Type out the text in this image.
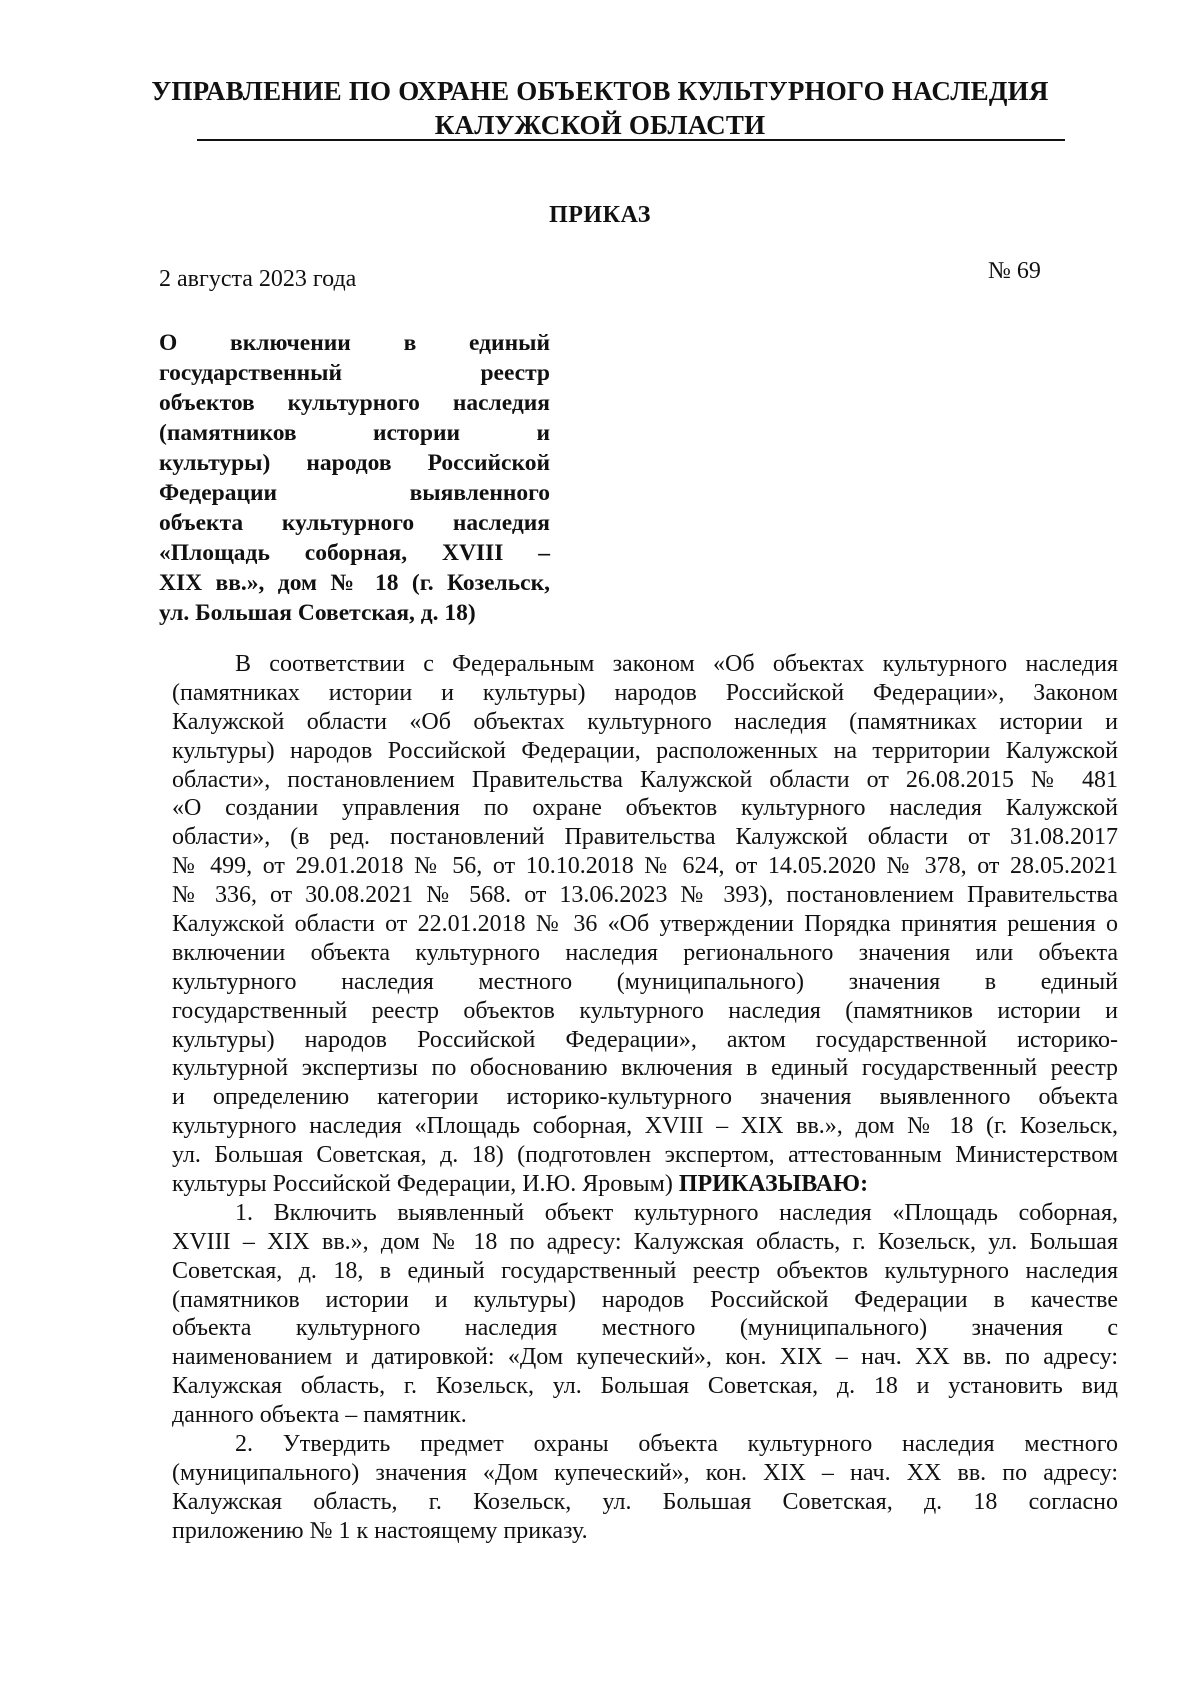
УПРАВЛЕНИЕ ПО ОХРАНЕ ОБЪЕКТОВ КУЛЬТУРНОГО НАСЛЕДИЯ
КАЛУЖСКОЙ ОБЛАСТИ
ПРИКАЗ
2 августа 2023 года	№ 69
О включении в единый
государственный реестр
объектов культурного наследия
(памятников истории и
культуры) народов Российской
Федерации выявленного
объекта культурного наследия
«Площадь соборная, XVIII –
XIX вв.», дом № 18 (г. Козельск,
ул. Большая Советская, д. 18)
В соответствии с Федеральным законом «Об объектах культурного наследия
(памятниках истории и культуры) народов Российской Федерации», Законом
Калужской области «Об объектах культурного наследия (памятниках истории и
культуры) народов Российской Федерации, расположенных на территории Калужской
области», постановлением Правительства Калужской области от 26.08.2015 № 481
«О создании управления по охране объектов культурного наследия Калужской
области», (в ред. постановлений Правительства Калужской области от 31.08.2017
№ 499, от 29.01.2018 № 56, от 10.10.2018 № 624, от 14.05.2020 № 378, от 28.05.2021
№ 336, от 30.08.2021 № 568. от 13.06.2023 № 393), постановлением Правительства
Калужской области от 22.01.2018 № 36 «Об утверждении Порядка принятия решения о
включении объекта культурного наследия регионального значения или объекта
культурного наследия местного (муниципального) значения в единый
государственный реестр объектов культурного наследия (памятников истории и
культуры) народов Российской Федерации», актом государственной историко-
культурной экспертизы по обоснованию включения в единый государственный реестр
и определению категории историко-культурного значения выявленного объекта
культурного наследия «Площадь соборная, XVIII – XIX вв.», дом № 18 (г. Козельск,
ул. Большая Советская, д. 18) (подготовлен экспертом, аттестованным Министерством
культуры Российской Федерации, И.Ю. Яровым) ПРИКАЗЫВАЮ:
1. Включить выявленный объект культурного наследия «Площадь соборная,
XVIII – XIX вв.», дом № 18 по адресу: Калужская область, г. Козельск, ул. Большая
Советская, д. 18, в единый государственный реестр объектов культурного наследия
(памятников истории и культуры) народов Российской Федерации в качестве
объекта культурного наследия местного (муниципального) значения с
наименованием и датировкой: «Дом купеческий», кон. XIX – нач. XX вв. по адресу:
Калужская область, г. Козельск, ул. Большая Советская, д. 18 и установить вид
данного объекта – памятник.
2. Утвердить предмет охраны объекта культурного наследия местного
(муниципального) значения «Дом купеческий», кон. XIX – нач. XX вв. по адресу:
Калужская область, г. Козельск, ул. Большая Советская, д. 18 согласно
приложению № 1 к настоящему приказу.
